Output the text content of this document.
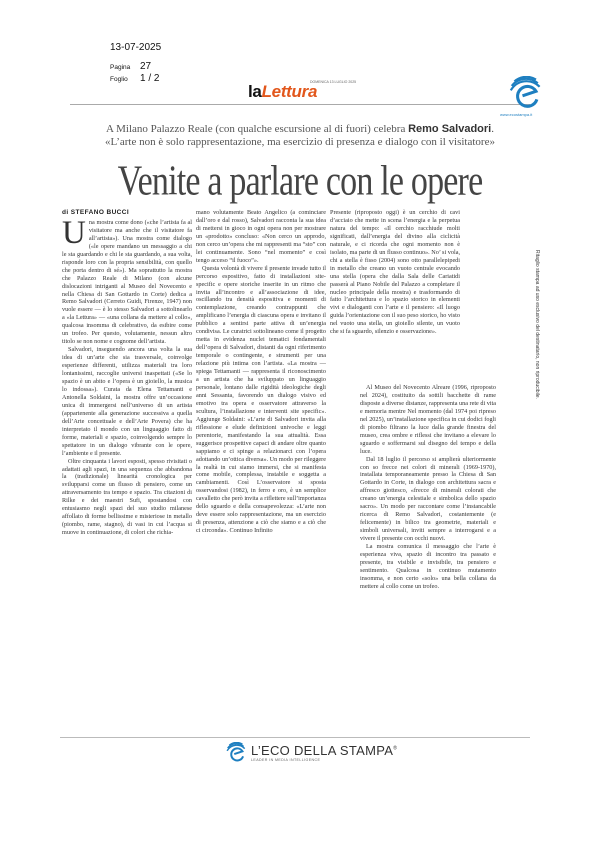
13-07-2025
Pagina 27
Foglio 1 / 2
laLettura
DOMENICA 13 LUGLIO 2025
www.ecostampa.it
A Milano Palazzo Reale (con qualche escursione al di fuori) celebra Remo Salvadori.
«L’arte non è solo rappresentazione, ma esercizio di presenza e dialogo con il visitatore»
Venite a parlare con le opere
di STEFANO BUCCI

Una mostra come dono («che l’artista fa al visitatore ma anche che il visitatore fa all’artista»). Una mostra come dialogo («le opere mandano un messaggio a chi le sta guardando e chi le sta guardando, a sua volta, risponde loro con la propria sensibilità, con quello che porta dentro di sé»). Ma soprattutto la mostra che Palazzo Reale di Milano (con alcune dislocazioni intriganti al Museo del Novecento e nella Chiesa di San Gottardo in Corte) dedica a Remo Salvadori (Cerreto Guidi, Firenze, 1947) non vuole essere — è lo stesso Salvadori a sottolinearlo a «la Lettura» — «una collana da mettere al collo», qualcosa insomma di celebrativo, da esibire come un trofeo. Per questo, volutamente, nessun altro titolo se non nome e cognome dell’artista.

Salvadori, inseguendo ancora una volta la sua idea di un’arte che sia trasversale, coinvolge esperienze differenti, utilizza materiali tra loro lontanissimi, raccoglie universi inaspettati («Se lo spazio è un abito e l’opera è un gioiello, la musica lo indossa»). Curata da Elena Tettamanti e Antonella Soldaini, la mostra offre un’occasione unica di immergersi nell’universo di un artista (appartenente alla generazione successiva a quella dell’Arte concettuale e dell’Arte Povera) che ha interpretato il mondo con un linguaggio fatto di forme, materiali e spazio, coinvolgendo sempre lo spettatore in un dialogo vibrante con le opere, l’ambiente e il presente.

Oltre cinquanta i lavori esposti, spesso rivisitati o adattati agli spazi, in una sequenza che abbandona la (tradizionale) linearità cronologica per svilupparsi come un flusso di pensiero, come un attraversamento tra tempo e spazio. Tra citazioni di Rilke e dei maestri Sufi, spostandosi con entusiasmo negli spazi del suo studio milanese affollato di forme bellissime e misteriose in metallo (piombo, rame, stagno), di vasi in cui l’acqua si muove in continuazione, di colori che richia-

mano volutamente Beato Angelico (a cominciare dall’oro e dal rosso), Salvadori racconta la sua idea di mettersi in gioco in ogni opera non per mostrare un «prodotto» concluso: «Non cerco un approdo, non cerco un’opera che mi rappresenti ma “sto” con lei continuamente. Sono “nel momento” e così tengo acceso “il fuoco”».

Questa volontà di vivere il presente invade tutto il percorso espositivo, fatto di installazioni site-specific e opere storiche inserite in un ritmo che invita all’incontro e all’associazione di idee, oscillando tra densità espositiva e momenti di contemplazione, creando contrappunti che amplificano l’energia di ciascuna opera e invitano il pubblico a sentirsi parte attiva di un’energia condivisa. Le curatrici sottolineano come il progetto metta in evidenza nuclei tematici fondamentali dell’opera di Salvadori, distanti da ogni riferimento temporale o contingente, e strumenti per una relazione più intima con l’artista. «La mostra — spiega Tettamanti — rappresenta il riconoscimento a un artista che ha sviluppato un linguaggio personale, lontano dalle rigidità ideologiche degli anni Sessanta, favorendo un dialogo visivo ed emotivo tra opera e osservatore attraverso la scultura, l’installazione e interventi site specific». Aggiunge Soldaini: «L’arte di Salvadori invita alla riflessione e elude definizioni univoche e leggi perentorie, manifestando la sua attualità. Essa suggerisce prospettive capaci di andare oltre quanto sappiamo e ci spinge a relazionarci con l’opera adottando un’ottica diversa». Un modo per rileggere la realtà in cui siamo immersi, che si manifesta come mobile, complessa, instabile e soggetta a cambiamenti. Così L’osservatore si sposta osservandosi (1982), in ferro e oro, è un semplice cavalletto che però invita a riflettere sull’importanza dello sguardo e della consapevolezza: «L’arte non deve essere solo rappresentazione, ma un esercizio di presenza, attenzione a ciò che siamo e a ciò che ci circonda». Continuo Infinito

Presente (riproposto oggi) è un cerchio di cavi d’acciaio che mette in scena l’energia e la perpetua natura del tempo: «Il cerchio racchiude molti significati, dall’energia del divino alla ciclicità naturale, e ci ricorda che ogni momento non è isolato, ma parte di un flusso continuo». No’ si vola, chi a stella è fisso (2004) sono otto parallelepipedi in metallo che creano un vuoto centrale evocando una stella (opera che dalla Sala delle Cariatidi passerà al Piano Nobile del Palazzo a completare il nucleo principale della mostra) e trasformando di fatto l’architettura e lo spazio storico in elementi vivi e dialoganti con l’arte e il pensiero: «Il luogo guida l’orientazione con il suo peso storico, ho visto nel vuoto una stella, un gioiello silente, un vuoto che si fa sguardo, silenzio e osservazione».

Al Museo del Novecento Alreare (1996, riproposto nel 2024), costituito da sottili bacchette di rame disposte a diverse distanze, rappresenta una rete di vita e memoria mentre Nel momento (dal 1974 poi ripreso nel 2025), un’installazione specifica in cui dodici fogli di piombo filtrano la luce dalla grande finestra del museo, crea ombre e riflessi che invitano a elevare lo sguardo e soffermarsi sul disegno del tempo e della luce.

Dal 18 luglio il percorso si amplierà ulteriormente con so frecce nei colori di minerali (1969-1970), installata temporaneamente presso la Chiesa di San Gottardo in Corte, in dialogo con architettura sacra e affresco giottesco, «frecce di minerali colorati che creano un’energia celestiale e simbolica dello spazio sacro». Un modo per raccontare come l’instancabile ricerca di Remo Salvadori, costantemente (e felicemente) in bilico tra geometrie, materiali e simboli universali, inviti sempre a interrogarsi e a vivere il presente con occhi nuovi.

La mostra comunica il messaggio che l’arte è esperienza viva, spazio di incontro tra passato e presente, tra visibile e invisibile, tra pensiero e sentimento. Qualcosa in continuo mutamento insomma, e non certo «solo» una bella collana da mettere al collo come un trofeo.

Ritaglio stampa ad uso esclusivo del destinatario, non riproducibile.
L’ECO DELLA STAMPA®
LEADER IN MEDIA INTELLIGENCE
